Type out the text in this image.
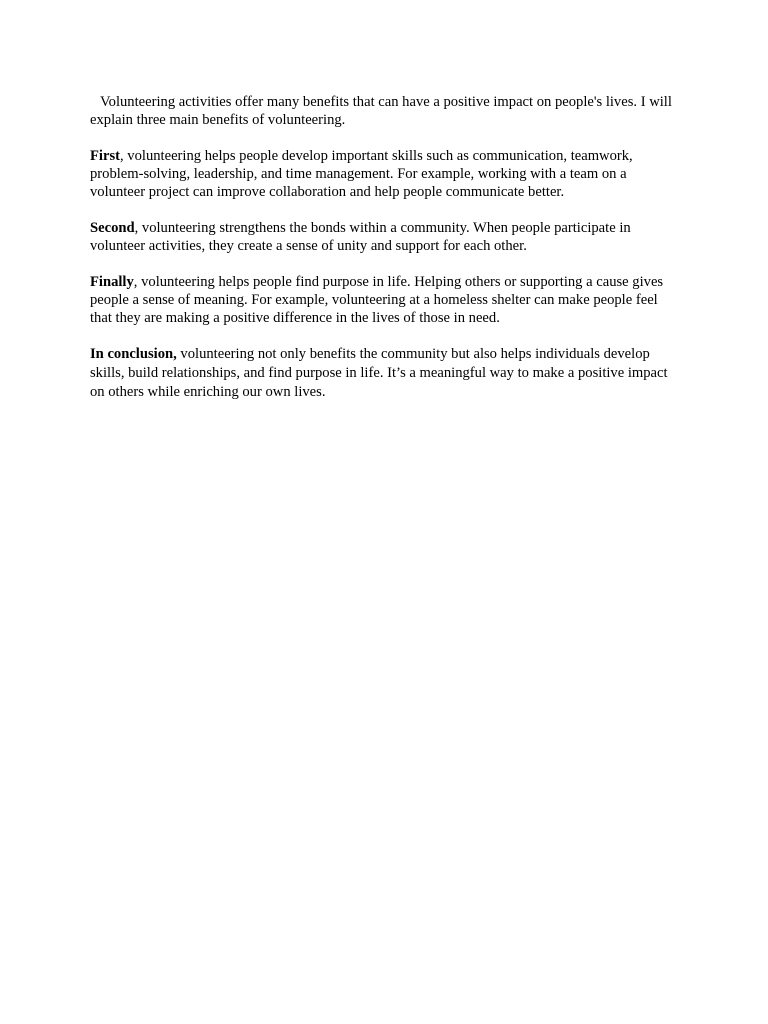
Volunteering activities offer many benefits that can have a positive impact on people's lives. I will explain three main benefits of volunteering.

First, volunteering helps people develop important skills such as communication, teamwork, problem-solving, leadership, and time management. For example, working with a team on a volunteer project can improve collaboration and help people communicate better.

Second, volunteering strengthens the bonds within a community. When people participate in volunteer activities, they create a sense of unity and support for each other.

Finally, volunteering helps people find purpose in life. Helping others or supporting a cause gives people a sense of meaning. For example, volunteering at a homeless shelter can make people feel that they are making a positive difference in the lives of those in need.

In conclusion, volunteering not only benefits the community but also helps individuals develop skills, build relationships, and find purpose in life. It’s a meaningful way to make a positive impact on others while enriching our own lives.
